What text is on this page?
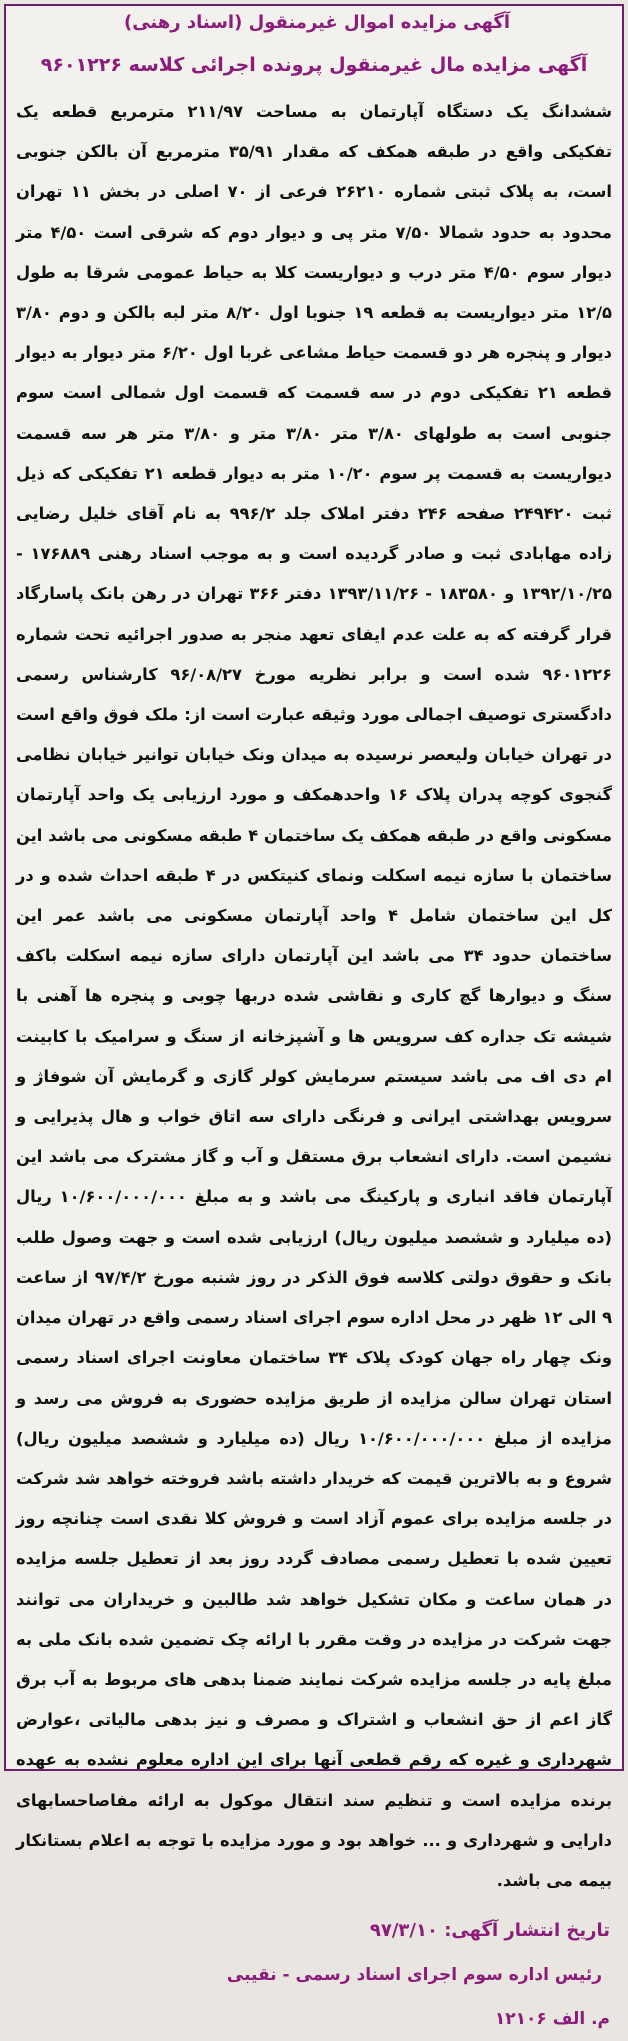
آگهی مزایده اموال غیرمنقول (اسناد رهنی)
آگهی مزایده مال غیرمنقول پرونده اجرائی کلاسه ۹۶۰۱۲۲۶
ششدانگ یک دستگاه آپارتمان به مساحت ۲۱۱/۹۷ مترمربع قطعه یک تفکیکی واقع در طبقه همکف که مقدار ۳۵/۹۱ مترمربع آن بالکن جنوبی است، به پلاک ثبتی شماره ۲۶۲۱۰ فرعی از ۷۰ اصلی در بخش ۱۱ تهران محدود به حدود شمالا ۷/۵۰ متر پی و دیوار دوم که شرقی است ۴/۵۰ متر دیوار سوم ۴/۵۰ متر درب و دیواریست کلا به حیاط عمومی شرقا به طول ۱۲/۵ متر دیواریست به قطعه ۱۹ جنوبا اول ۸/۲۰ متر لبه بالکن و دوم ۳/۸۰ دیوار و پنجره هر دو قسمت حیاط مشاعی غربا اول ۶/۲۰ متر دیوار به دیوار قطعه ۲۱ تفکیکی دوم در سه قسمت که قسمت اول شمالی است سوم جنوبی است به طولهای ۳/۸۰ متر ۳/۸۰ متر و ۳/۸۰ متر هر سه قسمت دیواریست به قسمت پر سوم ۱۰/۲۰ متر به دیوار قطعه ۲۱ تفکیکی که ذیل ثبت ۲۴۹۴۲۰ صفحه ۲۴۶ دفتر املاک جلد ۹۹۶/۲ به نام آقای خلیل رضایی زاده مهابادی ثبت و صادر گردیده است و به موجب اسناد رهنی ۱۷۶۸۸۹ - ۱۳۹۲/۱۰/۲۵ و ۱۸۳۵۸۰ - ۱۳۹۳/۱۱/۲۶ دفتر ۳۶۶ تهران در رهن بانک پاسارگاد قرار گرفته که به علت عدم ایفای تعهد منجر به صدور اجرائیه تحت شماره ۹۶۰۱۲۲۶ شده است و برابر نظریه مورخ ۹۶/۰۸/۲۷ کارشناس رسمی دادگستری توصیف اجمالی مورد وثیقه عبارت است از: ملک فوق واقع است در تهران خیابان ولیعصر نرسیده به میدان ونک خیابان توانیر خیابان نظامی گنجوی کوچه پدران پلاک ۱۶ واحدهمکف و مورد ارزیابی یک واحد آپارتمان مسکونی واقع در طبقه همکف یک ساختمان ۴ طبقه مسکونی می باشد این ساختمان با سازه نیمه اسکلت ونمای کنیتکس در ۴ طبقه احداث شده و در کل این ساختمان شامل ۴ واحد آپارتمان مسکونی می باشد عمر این ساختمان حدود ۳۴ می باشد این آپارتمان دارای سازه نیمه اسکلت باکف سنگ و دیوارها گچ کاری و نقاشی شده دربها چوبی و پنجره ها آهنی با شیشه تک جداره کف سرویس ها و آشپزخانه از سنگ و سرامیک با کابینت ام دی اف می باشد سیستم سرمایش کولر گازی و گرمایش آن شوفاژ و سرویس بهداشتی ایرانی و فرنگی دارای سه اتاق خواب و هال پذیرایی و نشیمن است. دارای انشعاب برق مستقل و آب و گاز مشترک می باشد این آپارتمان فاقد انباری و پارکینگ می باشد و به مبلغ ۱۰/۶۰۰/۰۰۰/۰۰۰ ریال (ده میلیارد و ششصد میلیون ریال) ارزیابی شده است و جهت وصول طلب بانک و حقوق دولتی کلاسه فوق الذکر در روز شنبه مورخ ۹۷/۴/۲ از ساعت ۹ الی ۱۲ ظهر در محل اداره سوم اجرای اسناد رسمی واقع در تهران میدان ونک چهار راه جهان کودک پلاک ۳۴ ساختمان معاونت اجرای اسناد رسمی استان تهران سالن مزایده از طریق مزایده حضوری به فروش می رسد و مزایده از مبلغ ۱۰/۶۰۰/۰۰۰/۰۰۰ ریال (ده میلیارد و ششصد میلیون ریال) شروع و به بالاترین قیمت که خریدار داشته باشد فروخته خواهد شد شرکت در جلسه مزایده برای عموم آزاد است و فروش کلا نقدی است چنانچه روز تعیین شده با تعطیل رسمی مصادف گردد روز بعد از تعطیل جلسه مزایده در همان ساعت و مکان تشکیل خواهد شد طالبین و خریداران می توانند جهت شرکت در مزایده در وقت مقرر با ارائه چک تضمین شده بانک ملی به مبلغ پایه در جلسه مزایده شرکت نمایند ضمنا بدهی های مربوط به آب برق گاز اعم از حق انشعاب و اشتراک و مصرف و نیز بدهی مالیاتی ،عوارض شهرداری و غیره که رقم قطعی آنها برای این اداره معلوم نشده به عهده برنده مزایده است و تنظیم سند انتقال موکول به ارائه مفاصاحسابهای دارایی و شهرداری و ... خواهد بود و مورد مزایده با توجه به اعلام بستانکار بیمه می باشد.
تاریخ انتشار آگهی: ۹۷/۳/۱۰
رئیس اداره سوم اجرای اسناد رسمی - نقیبی
م. الف ۱۲۱۰۶
